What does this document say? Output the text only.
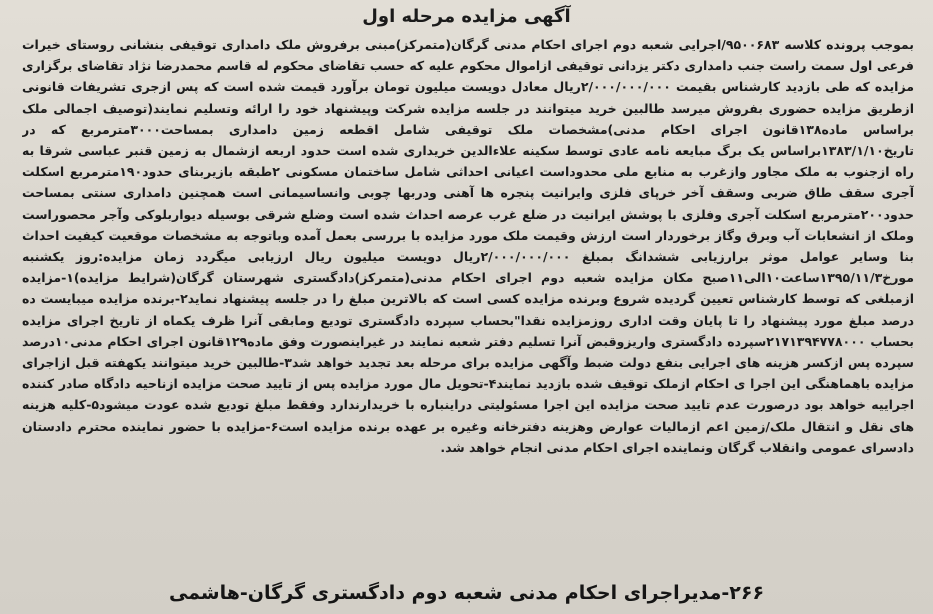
آگهی مزایده مرحله اول

بموجب پرونده کلاسه ۹۵۰۰۶۸۳/اجرایی شعبه دوم اجرای احکام مدنی گرگان(متمرکز)مبنی برفروش ملک دامداری توقیفی بنشانی روستای خیرات فرعی اول سمت راست جنب دامداری دکتر یزدانی توقیفی ازاموال محکوم علیه که حسب تقاضای محکوم له قاسم محمدرضا نژاد تقاضای برگزاری مزایده که طی بازدید کارشناس بقیمت ۲/۰۰۰/۰۰۰/۰۰۰ریال معادل دویست میلیون تومان برآورد قیمت شده است که پس ازجری تشریفات قانونی ازطریق مزایده حضوری بفروش میرسد طالبین خرید میتوانند در جلسه مزایده شرکت وپیشنهاد خود را ارائه وتسلیم نمایند(توصیف اجمالی ملک براساس ماده۱۳۸قانون اجرای احکام مدنی)مشخصات ملک توقیفی شامل اقطعه زمین دامداری بمساحت۳۰۰۰مترمربع که در تاریخ۱۳۸۳/۱/۱۰براساس یک برگ مبایعه نامه عادی توسط سکینه علاءالدین خریداری شده است حدود اربعه ازشمال به زمین قنبر عباسی شرقا به راه ازجنوب به ملک مجاور وازغرب به منابع ملی محدوداست اعیانی احداثی شامل ساختمان مسکونی ۲طبقه بازیربنای حدود۱۹۰مترمربع اسکلت آجری سقف طاق ضربی وسقف آخر خرپای فلزی وایرانیت پنجره ها آهنی ودربها چوبی وانساسیمانی است همچنین دامداری سنتی بمساحت حدود۲۰۰مترمربع اسکلت آجری وفلزی با پوشش ایرانیت در ضلع غرب عرصه احداث شده است وضلع شرقی بوسیله دیواربلوکی وآجر محصوراست وملک از انشعابات آب وبرق وگاز برخوردار است ارزش وقیمت ملک مورد مزایده با بررسی بعمل آمده وباتوجه به مشخصات موقعیت کیفیت احداث بنا وسایر عوامل موثر برارزیابی ششدانگ بمبلغ ۲/۰۰۰/۰۰۰/۰۰۰ریال دویست میلیون ریال ارزیابی میگردد زمان مزایده:روز یکشنبه مورخ۱۳۹۵/۱۱/۳ساعت۱۰الی۱۱صبح مکان مزایده شعبه دوم اجرای احکام مدنی(متمرکز)دادگستری شهرستان گرگان(شرایط مزایده)۱-مزایده ازمبلغی که توسط کارشناس تعیین گردیده شروع وبرنده مزایده کسی است که بالاترین مبلغ را در جلسه پیشنهاد نماید۲-برنده مزایده میبایست ده درصد مبلغ مورد پیشنهاد را تا پایان وقت اداری روزمزایده نقدا"بحساب سپرده دادگستری تودیع ومابقی آنرا ظرف یکماه از تاریخ اجرای مزایده بحساب ۲۱۷۱۳۹۴۷۷۸۰۰۰سپرده دادگستری واریزوقبض آنرا تسلیم دفتر شعبه نمایند در غیراینصورت وفق ماده۱۲۹قانون اجرای احکام مدنی۱۰درصد سپرده پس ازکسر هزینه های اجرایی بنفع دولت ضبط وآگهی مزایده برای مرحله بعد تجدید خواهد شد۳-طالبین خرید میتوانند یکهفته قبل ازاجرای مزایده باهماهنگی این اجرا ی احکام ازملک توقیف شده بازدید نمایند۴-تحویل مال مورد مزایده پس از تایید صحت مزایده ازناحیه دادگاه صادر کننده اجراییه خواهد بود درصورت عدم تایید صحت مزایده این اجرا مسئولیتی دراینباره با خریدارندارد وفقط مبلغ تودیع شده عودت میشود۵-کلیه هزینه های نقل و انتقال ملک/زمین اعم ازمالیات عوارض وهزینه دفترخانه وغیره بر عهده برنده مزایده است۶-مزایده با حضور نماینده محترم دادستان دادسرای عمومی وانقلاب گرگان ونماینده اجرای احکام مدنی انجام خواهد شد.

۲۶۶-مدیراجرای احکام مدنی شعبه دوم دادگستری گرگان-هاشمی
